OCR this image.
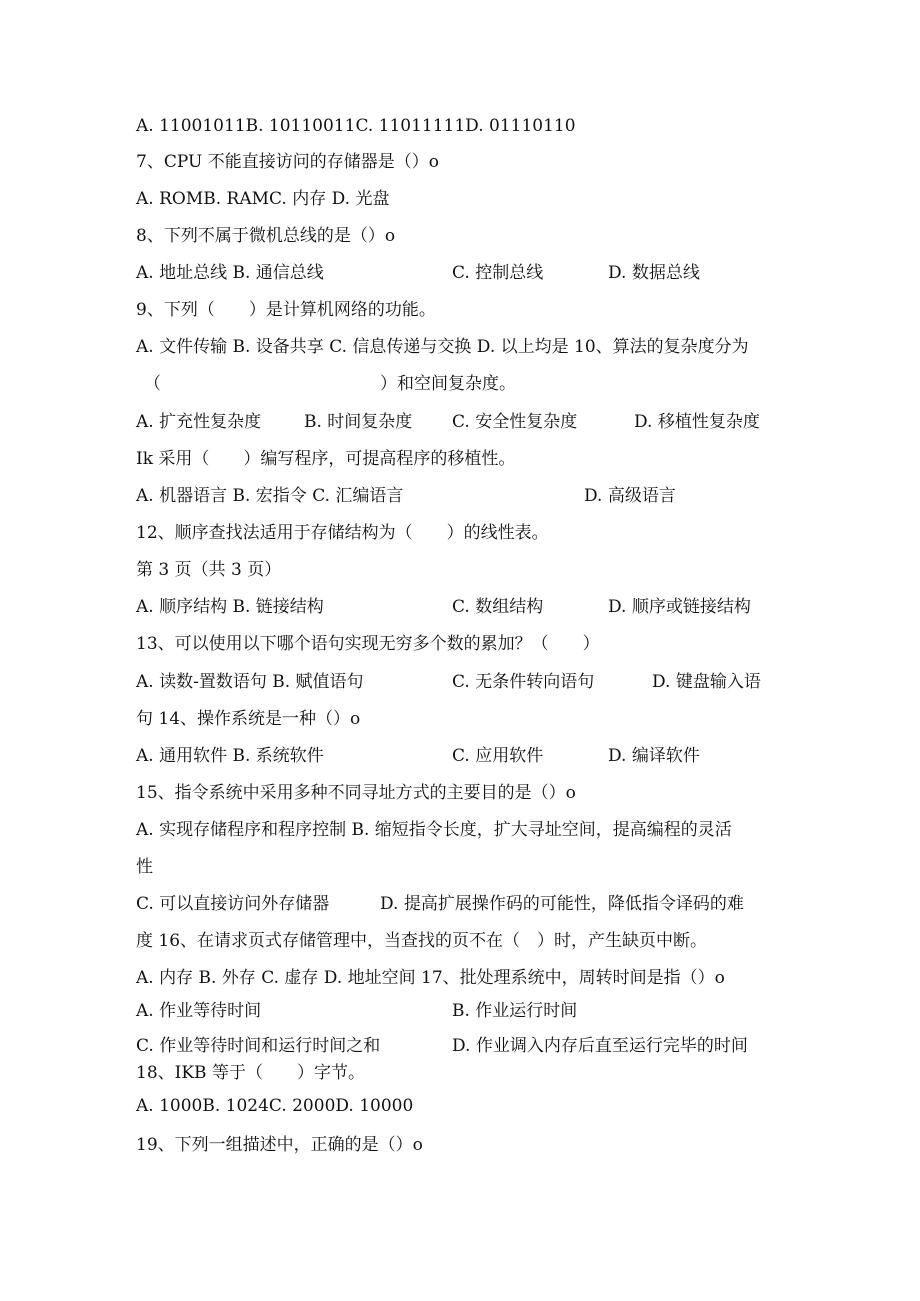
A. 11001011B. 10110011C. 11011111D. 01110110
7、CPU 不能直接访问的存储器是（）o
A. ROMB. RAMC. 内存 D. 光盘
8、下列不属于微机总线的是（）o
A. 地址总线 B. 通信总线	C. 控制总线	D. 数据总线
9、下列（　　）是计算机网络的功能。
A. 文件传输 B. 设备共享 C. 信息传递与交换 D. 以上均是 10、算法的复杂度分为
（	）和空间复杂度。
A. 扩充性复杂度	B. 时间复杂度 C. 安全性复杂度	D. 移植性复杂度
Ik 采用（　　）编写程序，可提高程序的移植性。
A. 机器语言 B. 宏指令 C. 汇编语言	D. 高级语言
12、顺序查找法适用于存储结构为（　　）的线性表。
第 3 页（共 3 页）
A. 顺序结构 B. 链接结构	C. 数组结构	D. 顺序或链接结构
13、可以使用以下哪个语句实现无穷多个数的累加？（　　）
A. 读数-置数语句 B. 赋值语句	C. 无条件转向语句	D. 键盘输入语
句 14、操作系统是一种（）o
A. 通用软件 B. 系统软件	C. 应用软件	D. 编译软件
15、指令系统中采用多种不同寻址方式的主要目的是（）o
A. 实现存储程序和程序控制 B. 缩短指令长度，扩大寻址空间，提高编程的灵活
性
C. 可以直接访问外存储器	D. 提高扩展操作码的可能性，降低指令译码的难
度 16、在请求页式存储管理中，当查找的页不在（　）时，产生缺页中断。
A. 内存 B. 外存 C. 虚存 D. 地址空间 17、批处理系统中，周转时间是指（）o
A. 作业等待时间	B. 作业运行时间
C. 作业等待时间和运行时间之和	D. 作业调入内存后直至运行完毕的时间
18、IKB 等于（　　）字节。
A. 1000B. 1024C. 2000D. 10000
19、下列一组描述中，正确的是（）o
